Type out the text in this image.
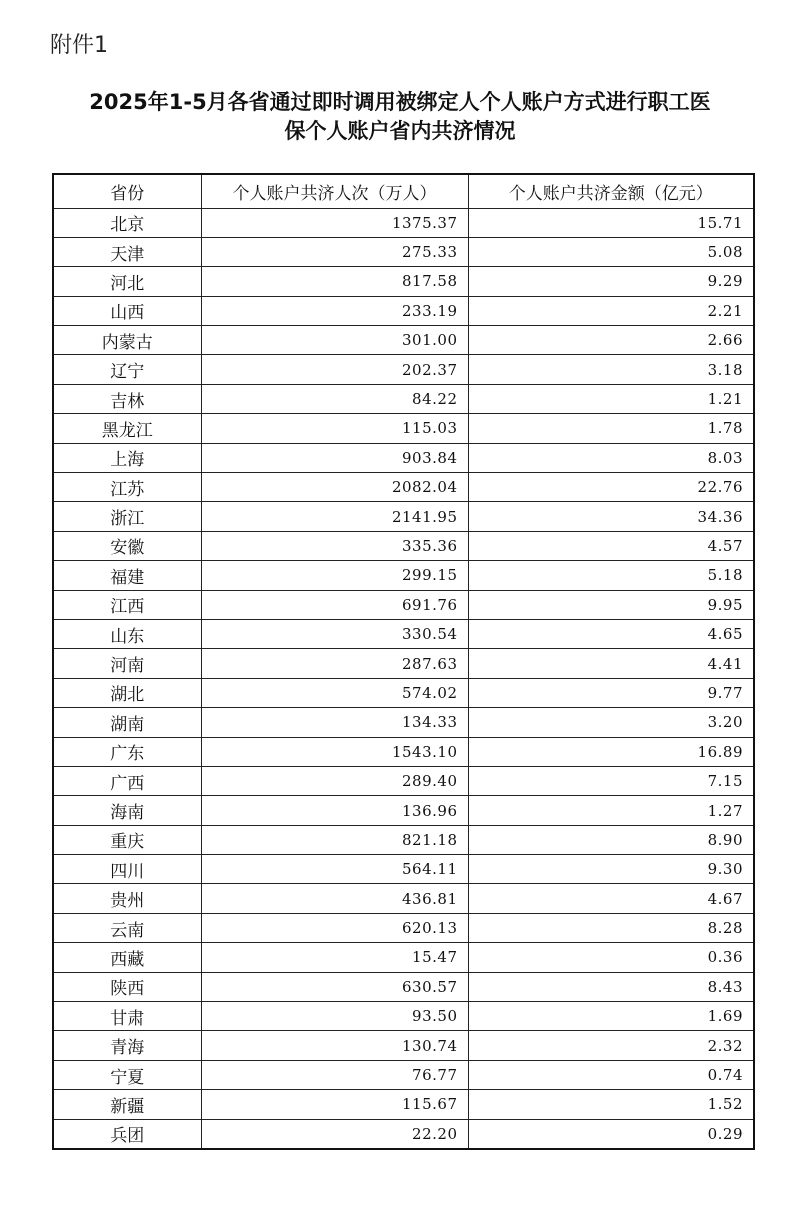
附件1
2025年1-5月各省通过即时调用被绑定人个人账户方式进行职工医
保个人账户省内共济情况
省份	个人账户共济人次（万人）	个人账户共济金额（亿元）
北京	1375.37	15.71
天津	275.33	5.08
河北	817.58	9.29
山西	233.19	2.21
内蒙古	301.00	2.66
辽宁	202.37	3.18
吉林	84.22	1.21
黑龙江	115.03	1.78
上海	903.84	8.03
江苏	2082.04	22.76
浙江	2141.95	34.36
安徽	335.36	4.57
福建	299.15	5.18
江西	691.76	9.95
山东	330.54	4.65
河南	287.63	4.41
湖北	574.02	9.77
湖南	134.33	3.20
广东	1543.10	16.89
广西	289.40	7.15
海南	136.96	1.27
重庆	821.18	8.90
四川	564.11	9.30
贵州	436.81	4.67
云南	620.13	8.28
西藏	15.47	0.36
陕西	630.57	8.43
甘肃	93.50	1.69
青海	130.74	2.32
宁夏	76.77	0.74
新疆	115.67	1.52
兵团	22.20	0.29
